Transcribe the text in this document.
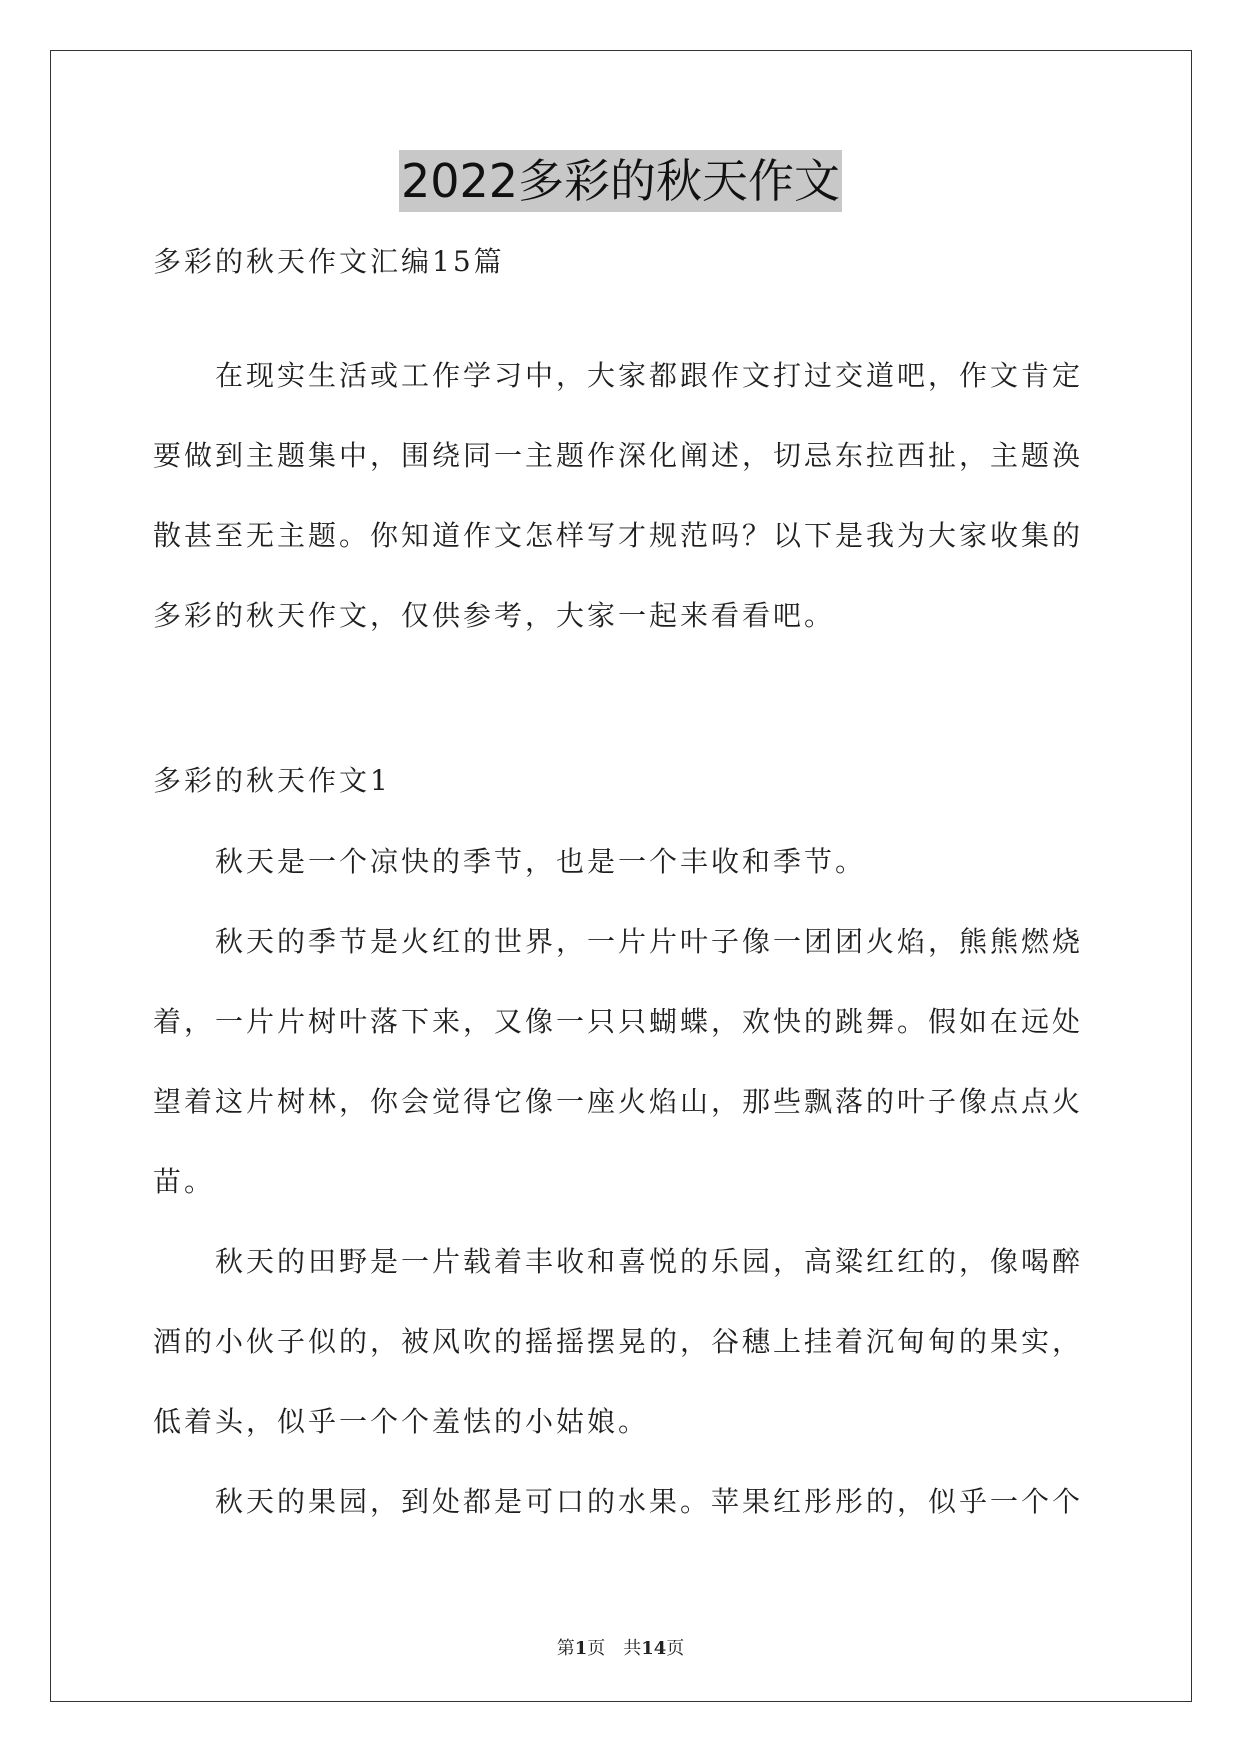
2022多彩的秋天作文
多彩的秋天作文汇编15篇
在现实生活或工作学习中，大家都跟作文打过交道吧，作文肯定
要做到主题集中，围绕同一主题作深化阐述，切忌东拉西扯，主题涣
散甚至无主题。你知道作文怎样写才规范吗？以下是我为大家收集的
多彩的秋天作文，仅供参考，大家一起来看看吧。
多彩的秋天作文1
秋天是一个凉快的季节，也是一个丰收和季节。
秋天的季节是火红的世界，一片片叶子像一团团火焰，熊熊燃烧
着，一片片树叶落下来，又像一只只蝴蝶，欢快的跳舞。假如在远处
望着这片树林，你会觉得它像一座火焰山，那些飘落的叶子像点点火
苗。
秋天的田野是一片载着丰收和喜悦的乐园，高粱红红的，像喝醉
酒的小伙子似的，被风吹的摇摇摆晃的，谷穗上挂着沉甸甸的果实，
低着头，似乎一个个羞怯的小姑娘。
秋天的果园，到处都是可口的水果。苹果红彤彤的，似乎一个个
第1页　共14页
